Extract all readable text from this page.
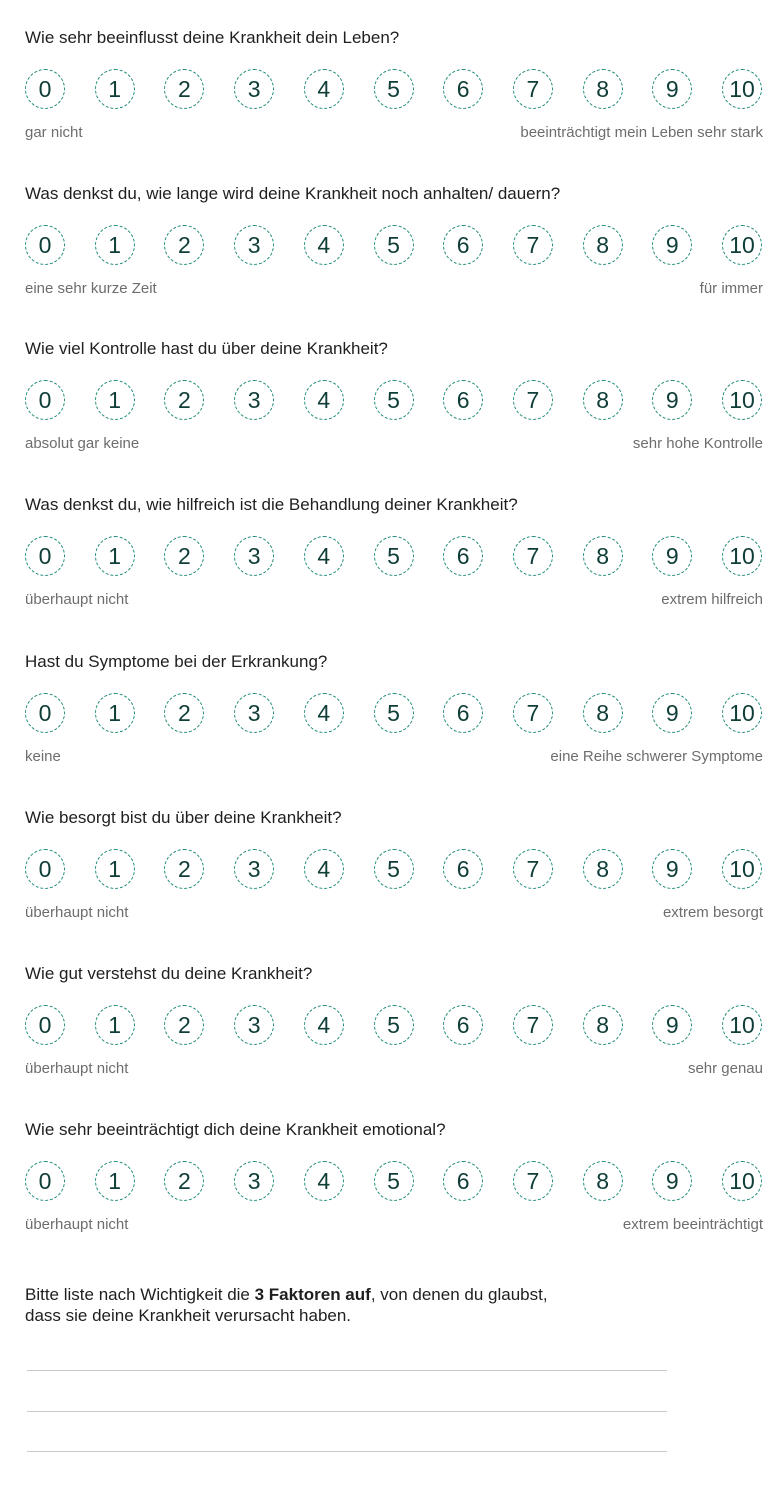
Wie sehr beeinflusst deine Krankheit dein Leben?
0	1	2	3	4	5	6	7	8	9	10
gar nicht	beeinträchtigt mein Leben sehr stark
Was denkst du, wie lange wird deine Krankheit noch anhalten/ dauern?
0	1	2	3	4	5	6	7	8	9	10
eine sehr kurze Zeit	für immer
Wie viel Kontrolle hast du über deine Krankheit?
0	1	2	3	4	5	6	7	8	9	10
absolut gar keine	sehr hohe Kontrolle
Was denkst du, wie hilfreich ist die Behandlung deiner Krankheit?
0	1	2	3	4	5	6	7	8	9	10
überhaupt nicht	extrem hilfreich
Hast du Symptome bei der Erkrankung?
0	1	2	3	4	5	6	7	8	9	10
keine	eine Reihe schwerer Symptome
Wie besorgt bist du über deine Krankheit?
0	1	2	3	4	5	6	7	8	9	10
überhaupt nicht	extrem besorgt
Wie gut verstehst du deine Krankheit?
0	1	2	3	4	5	6	7	8	9	10
überhaupt nicht	sehr genau
Wie sehr beeinträchtigt dich deine Krankheit emotional?
0	1	2	3	4	5	6	7	8	9	10
überhaupt nicht	extrem beeinträchtigt
Bitte liste nach Wichtigkeit die 3 Faktoren auf, von denen du glaubst,
dass sie deine Krankheit verursacht haben.
